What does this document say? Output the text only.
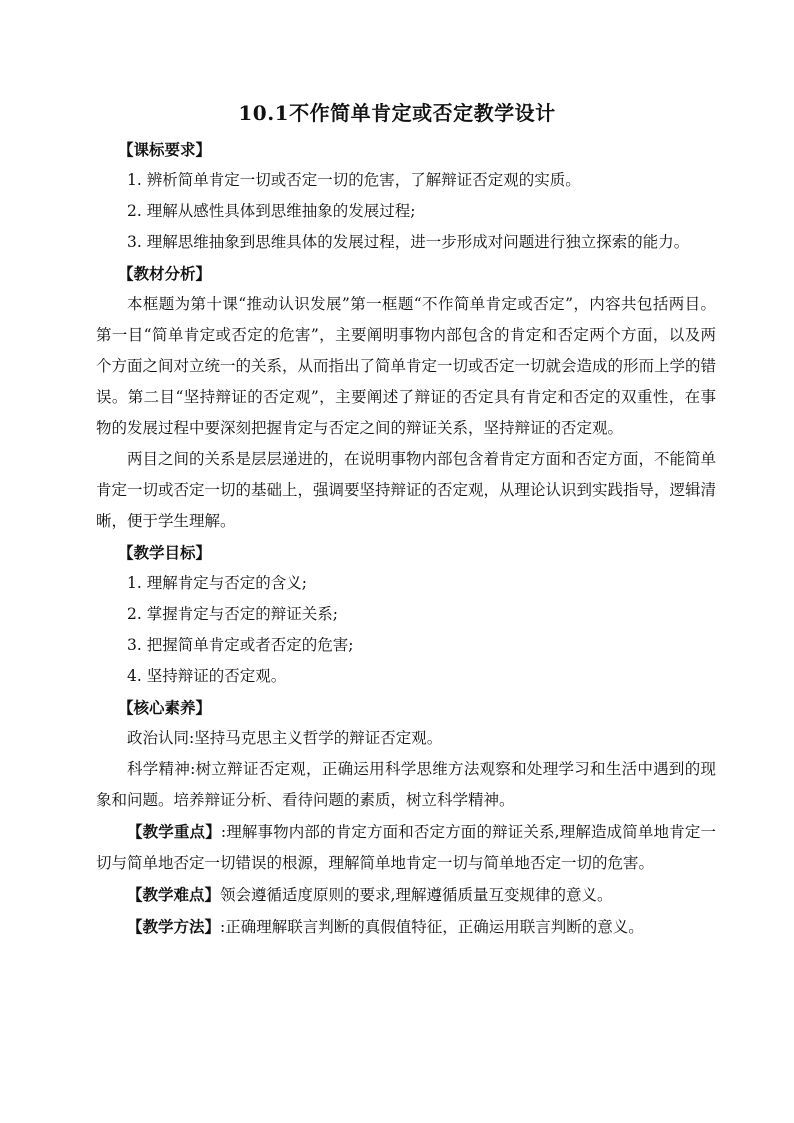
10.1不作简单肯定或否定教学设计

【课标要求】

1. 辨析简单肯定一切或否定一切的危害，了解辩证否定观的实质。

2. 理解从感性具体到思维抽象的发展过程;

3. 理解思维抽象到思维具体的发展过程，进一步形成对问题进行独立探索的能力。

【教材分析】

本框题为第十课“推动认识发展”第一框题“不作简单肯定或否定”，内容共包括两目。第一目“简单肯定或否定的危害”，主要阐明事物内部包含的肯定和否定两个方面，以及两个方面之间对立统一的关系，从而指出了简单肯定一切或否定一切就会造成的形而上学的错误。第二目“坚持辩证的否定观”，主要阐述了辩证的否定具有肯定和否定的双重性，在事物的发展过程中要深刻把握肯定与否定之间的辩证关系，坚持辩证的否定观。

两目之间的关系是层层递进的，在说明事物内部包含着肯定方面和否定方面，不能简单肯定一切或否定一切的基础上，强调要坚持辩证的否定观，从理论认识到实践指导，逻辑清晰，便于学生理解。

【教学目标】

1. 理解肯定与否定的含义;

2. 掌握肯定与否定的辩证关系;

3. 把握简单肯定或者否定的危害;

4. 坚持辩证的否定观。

【核心素养】

政治认同:坚持马克思主义哲学的辩证否定观。

科学精神:树立辩证否定观，正确运用科学思维方法观察和处理学习和生活中遇到的现象和问题。培养辩证分析、看待问题的素质，树立科学精神。

【教学重点】:理解事物内部的肯定方面和否定方面的辩证关系,理解造成简单地肯定一切与简单地否定一切错误的根源，理解简单地肯定一切与简单地否定一切的危害。

【教学难点】领会遵循适度原则的要求,理解遵循质量互变规律的意义。

【教学方法】:正确理解联言判断的真假值特征，正确运用联言判断的意义。
